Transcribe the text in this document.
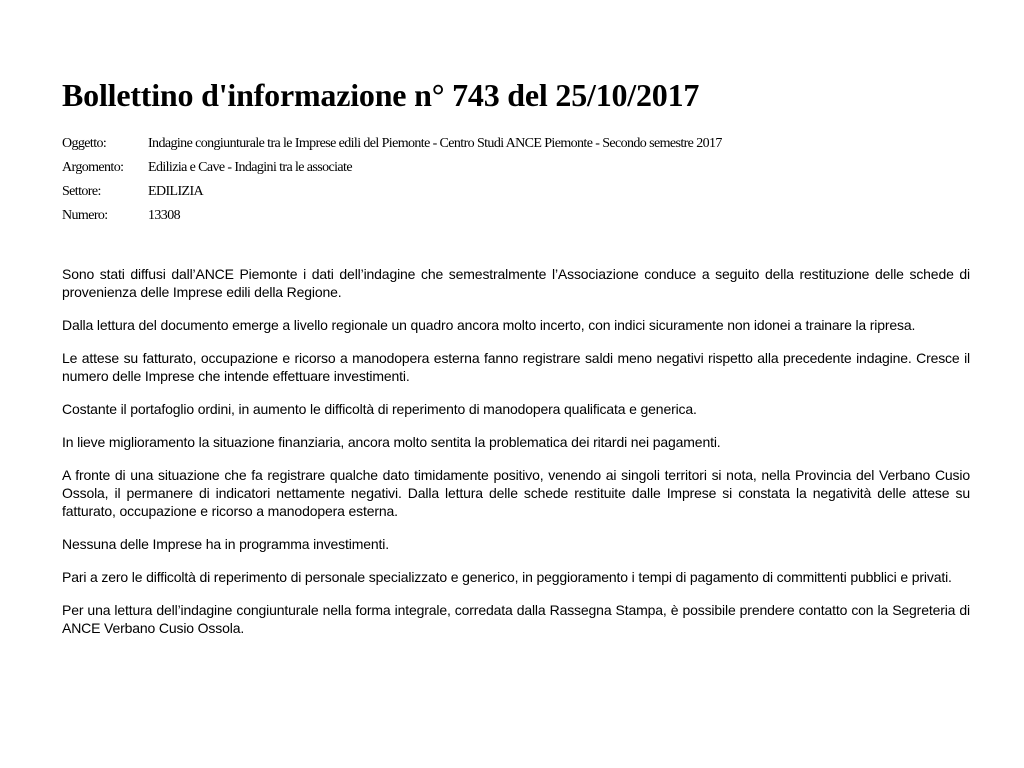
Bollettino d'informazione n° 743 del 25/10/2017
Oggetto:	Indagine congiunturale tra le Imprese edili del Piemonte - Centro Studi ANCE Piemonte - Secondo semestre 2017
Argomento:	Edilizia e Cave - Indagini tra le associate
Settore:	EDILIZIA
Numero:	13308

Sono stati diffusi dall’ANCE Piemonte i dati dell’indagine che semestralmente l’Associazione conduce a seguito della restituzione delle schede di provenienza delle Imprese edili della Regione.

Dalla lettura del documento emerge a livello regionale un quadro ancora molto incerto, con indici sicuramente non idonei a trainare la ripresa.

Le attese su fatturato, occupazione e ricorso a manodopera esterna fanno registrare saldi meno negativi rispetto alla precedente indagine. Cresce il numero delle Imprese che intende effettuare investimenti.

Costante il portafoglio ordini, in aumento le difficoltà di reperimento di manodopera qualificata e generica.

In lieve miglioramento la situazione finanziaria, ancora molto sentita la problematica dei ritardi nei pagamenti.

A fronte di una situazione che fa registrare qualche dato timidamente positivo, venendo ai singoli territori si nota, nella Provincia del Verbano Cusio Ossola, il permanere di indicatori nettamente negativi. Dalla lettura delle schede restituite dalle Imprese si constata la negatività delle attese su fatturato, occupazione e ricorso a manodopera esterna.

Nessuna delle Imprese ha in programma investimenti.

Pari a zero le difficoltà di reperimento di personale specializzato e generico, in peggioramento i tempi di pagamento di committenti pubblici e privati.

Per una lettura dell’indagine congiunturale nella forma integrale, corredata dalla Rassegna Stampa, è possibile prendere contatto con la Segreteria di ANCE Verbano Cusio Ossola.
